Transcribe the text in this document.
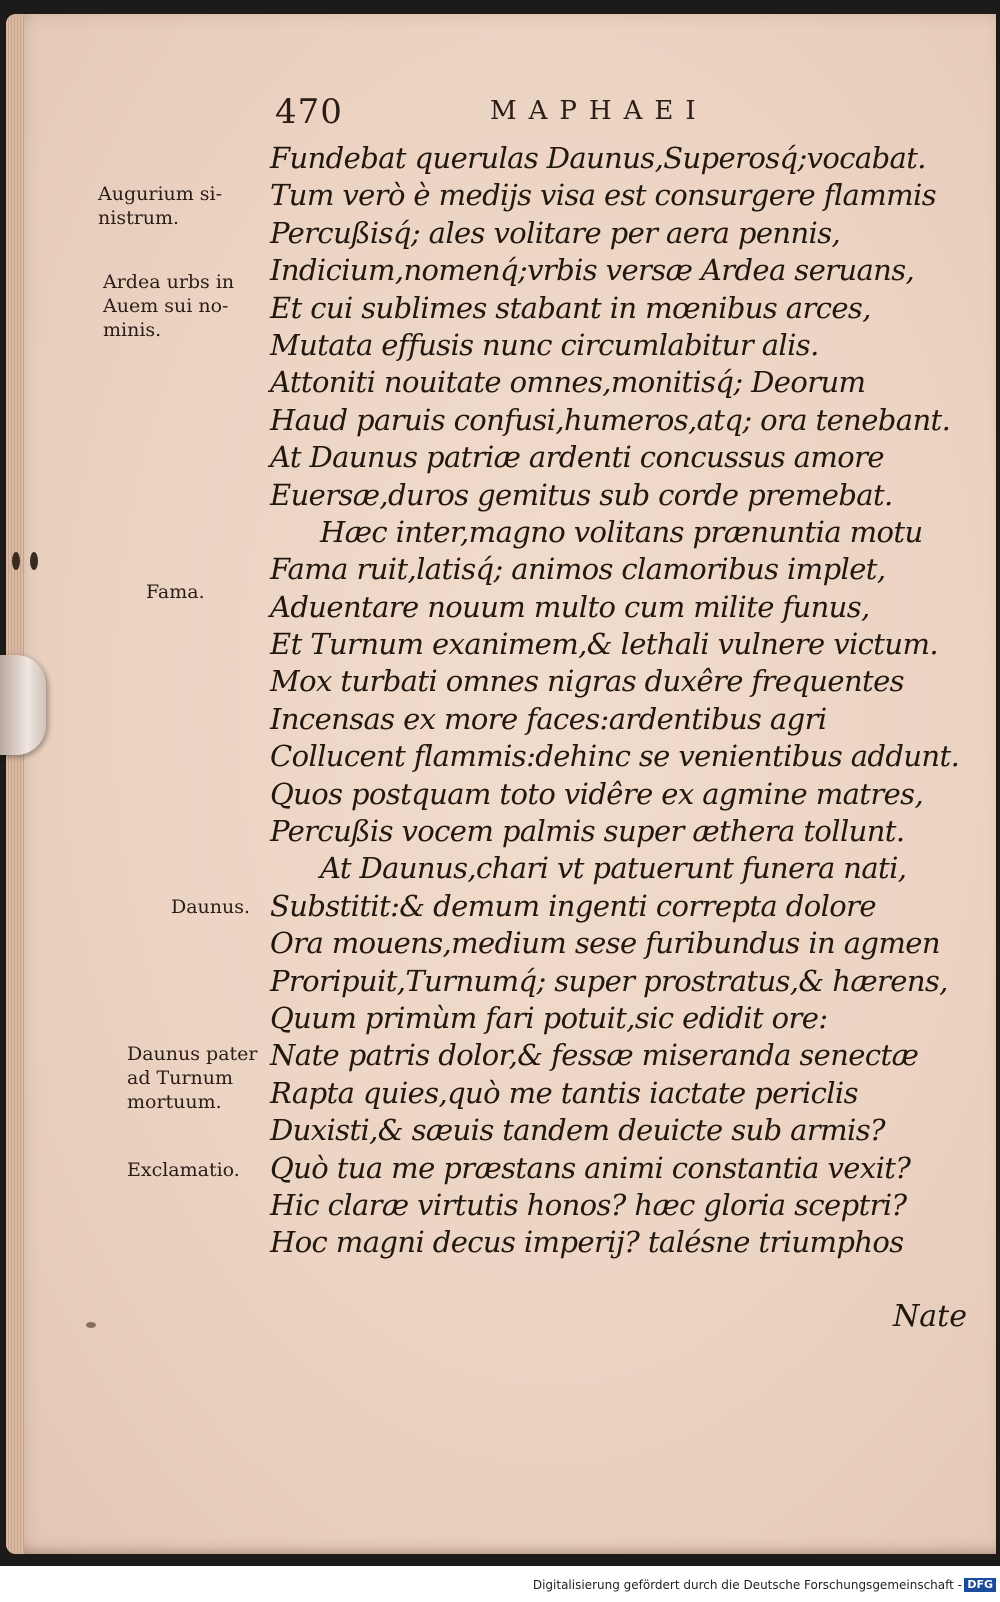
470	MAPHAEI
Fundebat querulas Daunus,Superosq́;vocabat.
Tum verò è medijs visa est consurgere flammis
Percußisq́; ales volitare per aera pennis,
Indicium,nomenq́;vrbis versæ Ardea seruans,
Et cui sublimes stabant in mœnibus arces,
Mutata effusis nunc circumlabitur alis.
Attoniti nouitate omnes,monitisq́; Deorum
Haud paruis confusi,humeros,atq; ora tenebant.
At Daunus patriæ ardenti concussus amore
Euersæ,duros gemitus sub corde premebat.
Hæc inter,magno volitans prænuntia motu
Fama ruit,latisq́; animos clamoribus implet,
Aduentare nouum multo cum milite funus,
Et Turnum exanimem,& lethali vulnere victum.
Mox turbati omnes nigras duxêre frequentes
Incensas ex more faces:ardentibus agri
Collucent flammis:dehinc se venientibus addunt.
Quos postquam toto vidêre ex agmine matres,
Percußis vocem palmis super æthera tollunt.
At Daunus,chari vt patuerunt funera nati,
Substitit:& demum ingenti correpta dolore
Ora mouens,medium sese furibundus in agmen
Proripuit,Turnumq́; super prostratus,& hærens,
Quum primùm fari potuit,sic edidit ore:
Nate patris dolor,& fessæ miseranda senectæ
Rapta quies,quò me tantis iactate periclis
Duxisti,& sæuis tandem deuicte sub armis?
Quò tua me præstans animi constantia vexit?
Hic claræ virtutis honos? hæc gloria sceptri?
Hoc magni decus imperij? talésne triumphos
Augurium si-
nistrum.
Ardea urbs in
Auem sui no-
minis.
Fama.
Daunus.
Daunus pater
ad Turnum
mortuum.
Exclamatio.
Nate
Digitalisierung gefördert durch die Deutsche Forschungsgemeinschaft - DFG
